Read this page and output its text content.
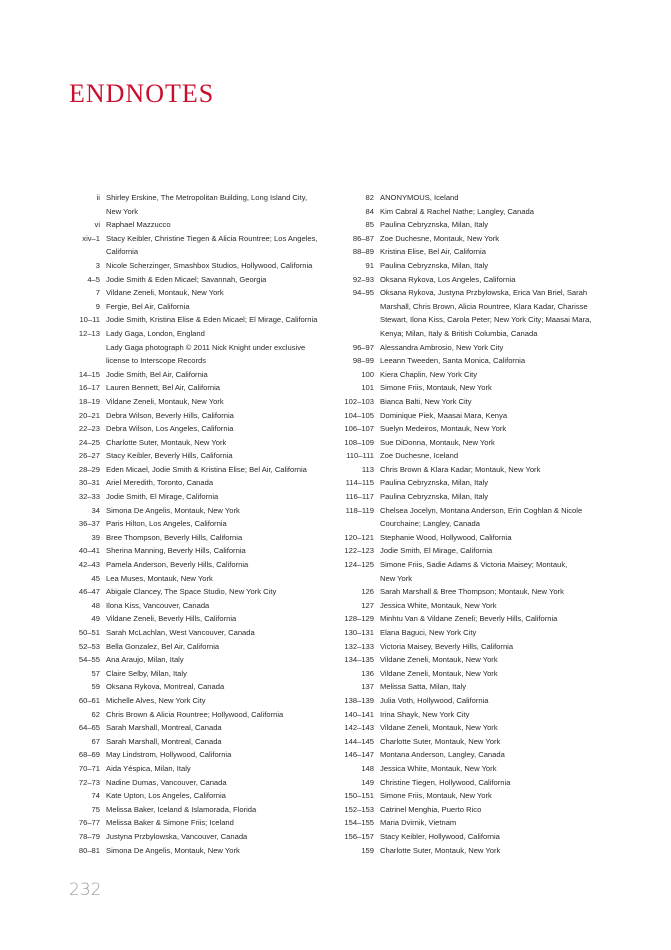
ENDNOTES
ii Shirley Erskine, The Metropolitan Building, Long Island City,
New York
vi Raphael Mazzucco
xiv–1 Stacy Keibler, Christine Tiegen & Alicia Rountree; Los Angeles,
California
3 Nicole Scherzinger, Smashbox Studios, Hollywood, California
4–5 Jodie Smith & Eden Micael; Savannah, Georgia
7 Vildane Zeneli, Montauk, New York
9 Fergie, Bel Air, California
10–11 Jodie Smith, Kristina Elise & Eden Micael; El Mirage, California
12–13 Lady Gaga, London, England
Lady Gaga photograph © 2011 Nick Knight under exclusive
license to Interscope Records
14–15 Jodie Smith, Bel Air, California
16–17 Lauren Bennett, Bel Air, California
18–19 Vildane Zeneli, Montauk, New York
20–21 Debra Wilson, Beverly Hills, California
22–23 Debra Wilson, Los Angeles, California
24–25 Charlotte Suter, Montauk, New York
26–27 Stacy Keibler, Beverly Hills, California
28–29 Eden Micael, Jodie Smith & Kristina Elise; Bel Air, California
30–31 Ariel Meredith, Toronto, Canada
32–33 Jodie Smith, El Mirage, California
34 Simona De Angelis, Montauk, New York
36–37 Paris Hilton, Los Angeles, California
39 Bree Thompson, Beverly Hills, California
40–41 Sherina Manning, Beverly Hills, California
42–43 Pamela Anderson, Beverly Hills, California
45 Lea Muses, Montauk, New York
46–47 Abigale Clancey, The Space Studio, New York City
48 Ilona Kiss, Vancouver, Canada
49 Vildane Zeneli, Beverly Hills, California
50–51 Sarah McLachlan, West Vancouver, Canada
52–53 Bella Gonzalez, Bel Air, California
54–55 Ana Araujo, Milan, Italy
57 Claire Selby, Milan, Italy
59 Oksana Rykova, Montreal, Canada
60–61 Michelle Alves, New York City
62 Chris Brown & Alicia Rountree; Hollywood, California
64–65 Sarah Marshall, Montreal, Canada
67 Sarah Marshall, Montreal, Canada
68–69 May Lindstrom, Hollywood, California
70–71 Aida Yéspica, Milan, Italy
72–73 Nadine Dumas, Vancouver, Canada
74 Kate Upton, Los Angeles, California
75 Melissa Baker, Iceland & Islamorada, Florida
76–77 Melissa Baker & Simone Friis; Iceland
78–79 Justyna Przbylowska, Vancouver, Canada
80–81 Simona De Angelis, Montauk, New York
82 ANONYMOUS, Iceland
84 Kim Cabral & Rachel Nathe; Langley, Canada
85 Paulina Cebryznska, Milan, Italy
86–87 Zoe Duchesne, Montauk, New York
88–89 Kristina Elise, Bel Air, California
91 Paulina Cebryznska, Milan, Italy
92–93 Oksana Rykova, Los Angeles, California
94–95 Oksana Rykova, Justyna Przbylowska, Erica Van Briel, Sarah
Marshall, Chris Brown, Alicia Rountree, Klara Kadar, Charisse
Stewart, Ilona Kiss, Carola Peter; New York City; Maasai Mara,
Kenya; Milan, Italy & British Columbia, Canada
96–97 Alessandra Ambrosio, New York City
98–99 Leeann Tweeden, Santa Monica, California
100 Kiera Chaplin, New York City
101 Simone Friis, Montauk, New York
102–103 Bianca Balti, New York City
104–105 Dominique Piek, Maasai Mara, Kenya
106–107 Suelyn Medeiros, Montauk, New York
108–109 Sue DiDonna, Montauk, New York
110–111 Zoe Duchesne, Iceland
113 Chris Brown & Klara Kadar; Montauk, New York
114–115 Paulina Cebryznska, Milan, Italy
116–117 Paulina Cebryznska, Milan, Italy
118–119 Chelsea Jocelyn, Montana Anderson, Erin Coghlan & Nicole
Courchaine; Langley, Canada
120–121 Stephanie Wood, Hollywood, California
122–123 Jodie Smith, El Mirage, California
124–125 Simone Friis, Sadie Adams & Victoria Maisey; Montauk,
New York
126 Sarah Marshall & Bree Thompson; Montauk, New York
127 Jessica White, Montauk, New York
128–129 Minhtu Van & Vildane Zeneli; Beverly Hills, California
130–131 Elana Baguci, New York City
132–133 Victoria Maisey, Beverly Hills, California
134–135 Vildane Zeneli, Montauk, New York
136 Vildane Zeneli, Montauk, New York
137 Melissa Satta, Milan, Italy
138–139 Julia Voth, Hollywood, California
140–141 Irina Shayk, New York City
142–143 Vildane Zeneli, Montauk, New York
144–145 Charlotte Suter, Montauk, New York
146–147 Montana Anderson, Langley, Canada
148 Jessica White, Montauk, New York
149 Christine Tiegen, Hollywood, California
150–151 Simone Friis, Montauk, New York
152–153 Catrinel Menghia, Puerto Rico
154–155 Maria Dvirnik, Vietnam
156–157 Stacy Keibler, Hollywood, California
159 Charlotte Suter, Montauk, New York
232
